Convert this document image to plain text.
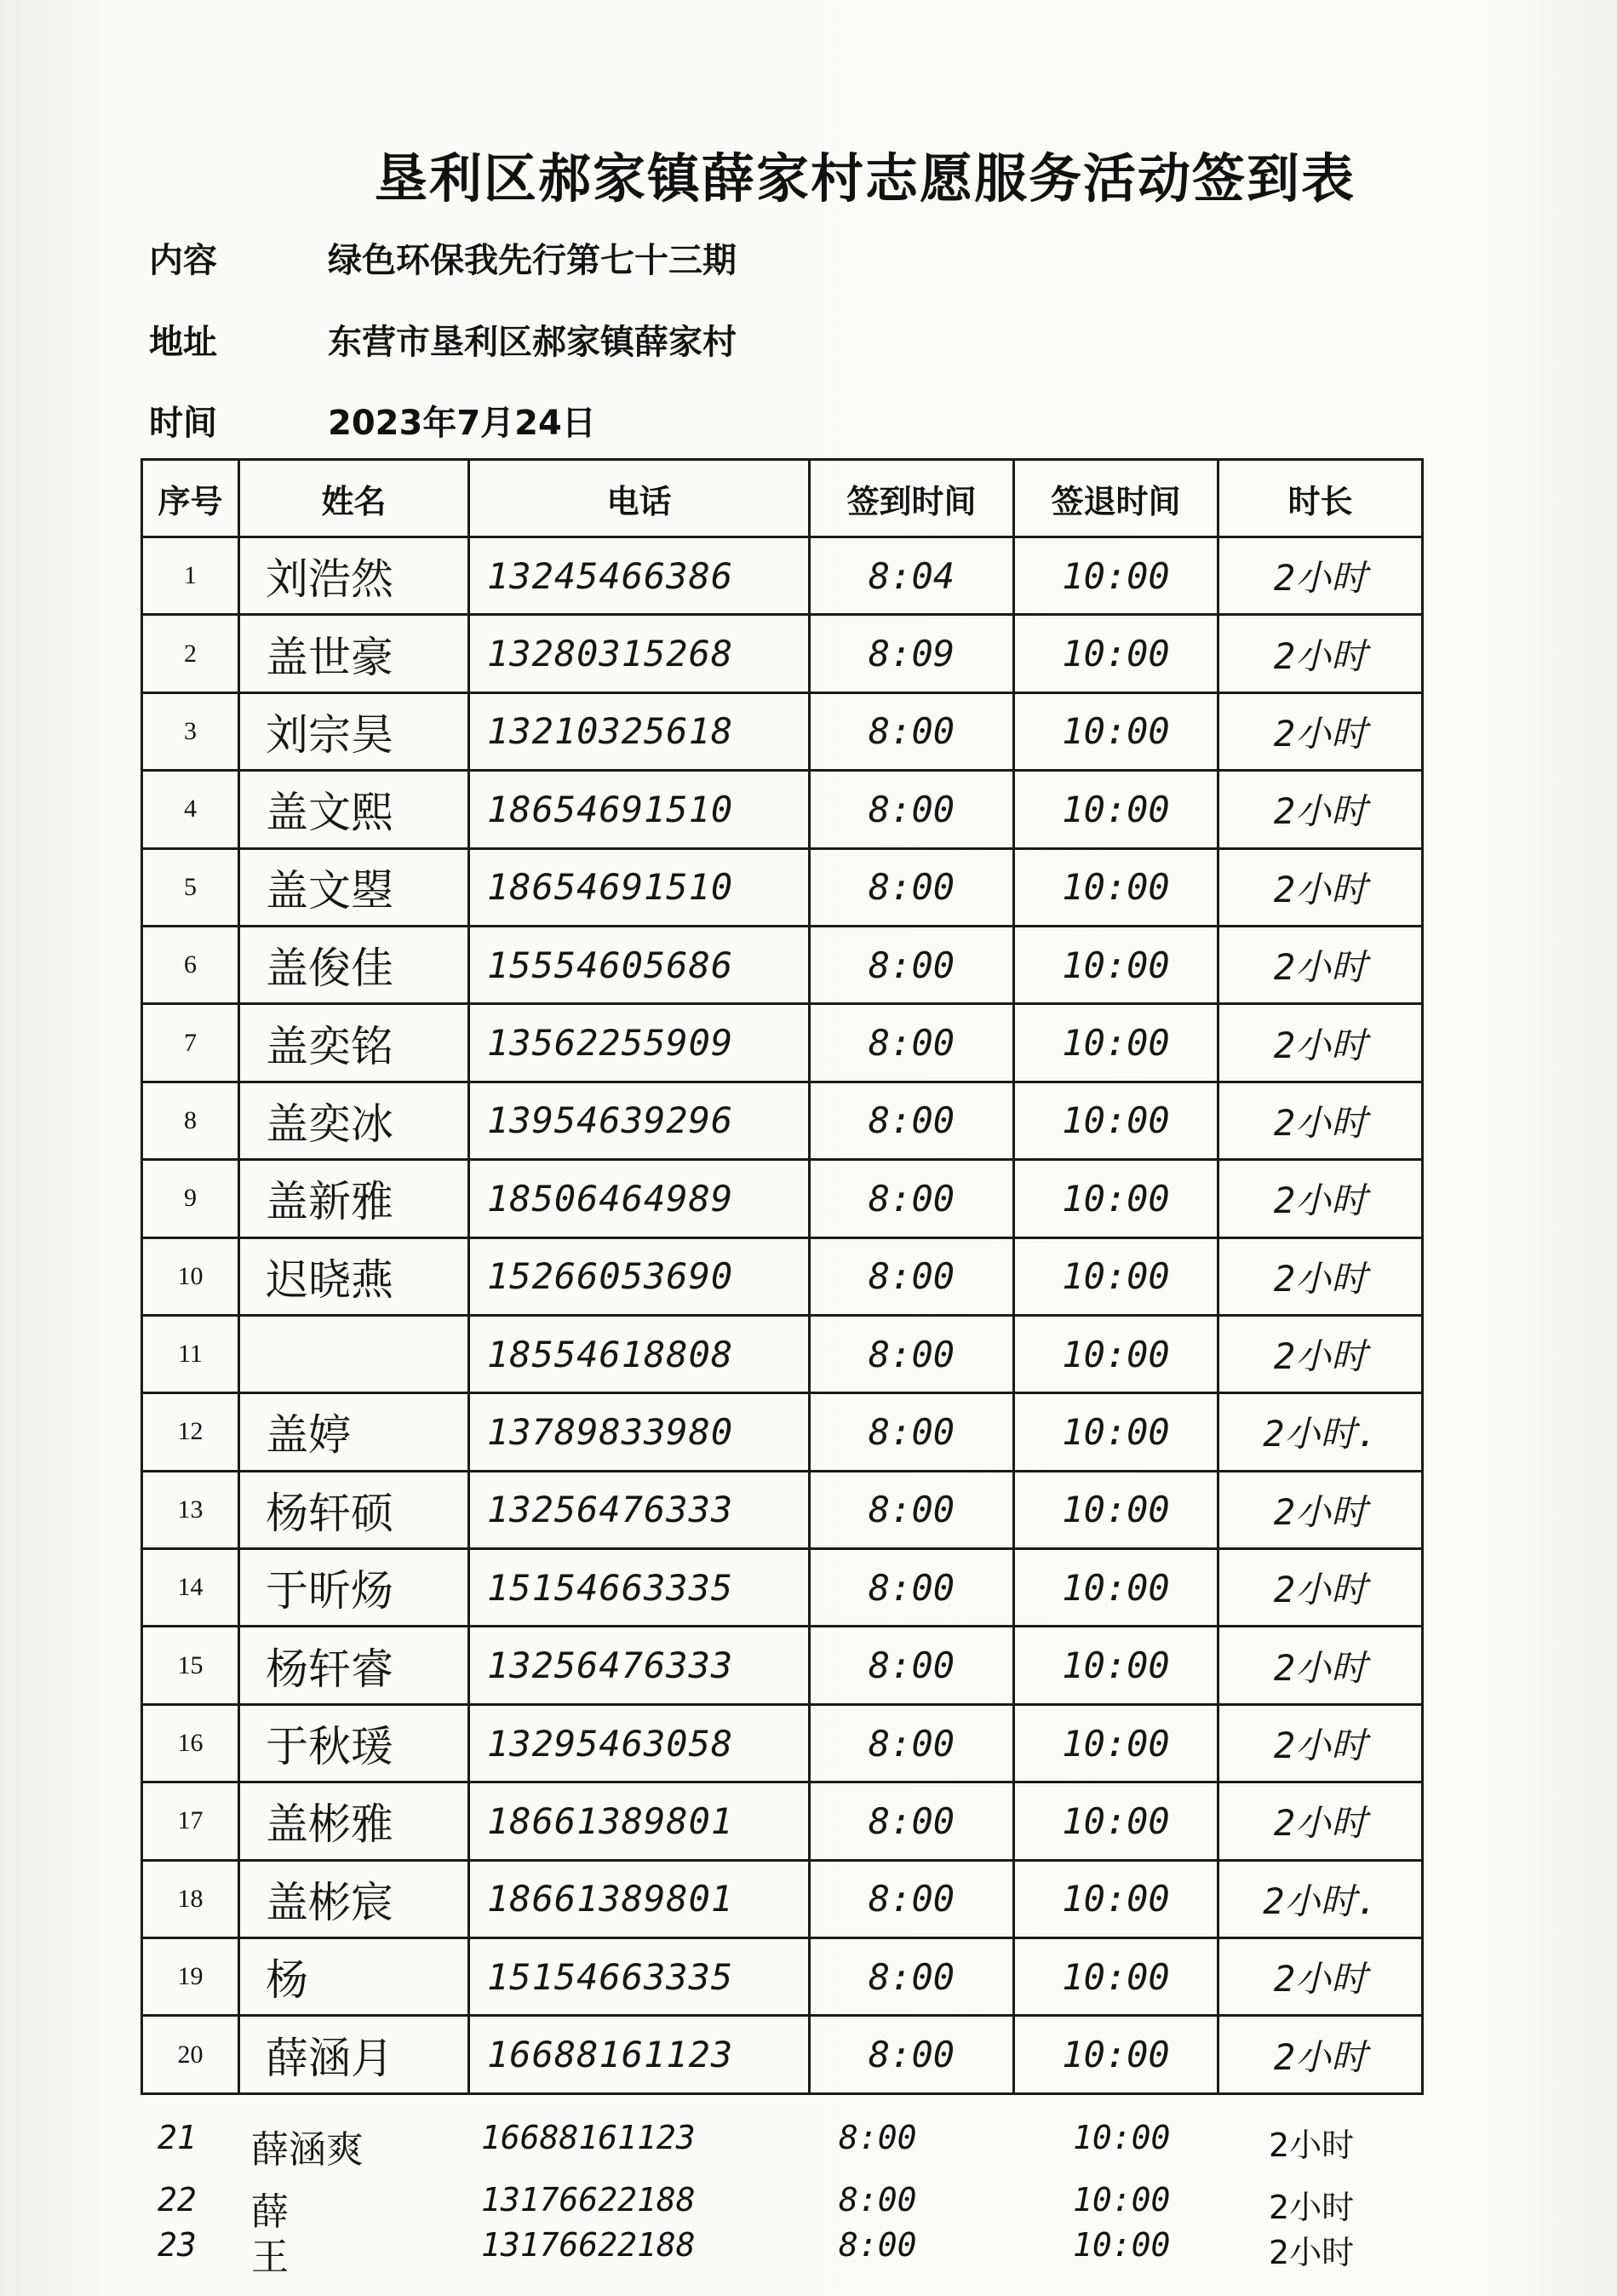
垦利区郝家镇薛家村志愿服务活动签到表
内容	绿色环保我先行第七十三期
地址	东营市垦利区郝家镇薛家村
时间	2023年7月24日
序号	姓名	电话	签到时间	签退时间	时长
1	刘浩然	13245466386	8:04	10:00	2小时
2	盖世豪	13280315268	8:09	10:00	2小时
3	刘宗昊	13210325618	8:00	10:00	2小时
4	盖文熙	18654691510	8:00	10:00	2小时
5	盖文曌	18654691510	8:00	10:00	2小时
6	盖俊佳	15554605686	8:00	10:00	2小时
7	盖奕铭	13562255909	8:00	10:00	2小时
8	盖奕冰	13954639296	8:00	10:00	2小时
9	盖新雅	18506464989	8:00	10:00	2小时
10	迟晓燕	15266053690	8:00	10:00	2小时
11		18554618808	8:00	10:00	2小时
12	盖婷	13789833980	8:00	10:00	2小时.
13	杨轩硕	13256476333	8:00	10:00	2小时
14	于昕炀	15154663335	8:00	10:00	2小时
15	杨轩睿	13256476333	8:00	10:00	2小时
16	于秋瑗	13295463058	8:00	10:00	2小时
17	盖彬雅	18661389801	8:00	10:00	2小时
18	盖彬宸	18661389801	8:00	10:00	2小时.
19	杨	15154663335	8:00	10:00	2小时
20	薛涵月	16688161123	8:00	10:00	2小时
21 薛涵爽	16688161123	8:00	10:00	2小时
22 薛	13176622188	8:00	10:00	2小时
23 王	13176622188	8:00	10:00	2小时
